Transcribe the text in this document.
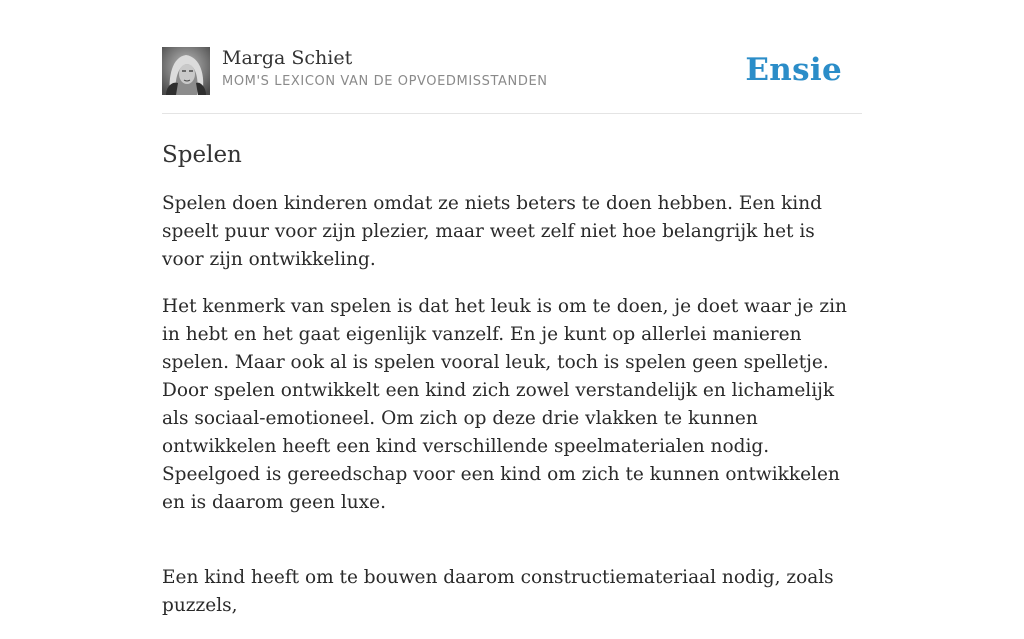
Marga Schiet
MOM'S LEXICON VAN DE OPVOEDMISSTANDEN	Ensie
Spelen

Spelen doen kinderen omdat ze niets beters te doen hebben. Een kind speelt puur voor zijn plezier, maar weet zelf niet hoe belangrijk het is voor zijn ontwikkeling.

Het kenmerk van spelen is dat het leuk is om te doen, je doet waar je zin in hebt en het gaat eigenlijk vanzelf. En je kunt op allerlei manieren spelen. Maar ook al is spelen vooral leuk, toch is spelen geen spelletje. Door spelen ontwikkelt een kind zich zowel verstandelijk en lichamelijk als sociaal-emotioneel. Om zich op deze drie vlakken te kunnen ontwikkelen heeft een kind verschillende speelmaterialen nodig. Speelgoed is gereedschap voor een kind om zich te kunnen ontwikkelen en is daarom geen luxe.

Een kind heeft om te bouwen daarom constructiemateriaal nodig, zoals puzzels,
